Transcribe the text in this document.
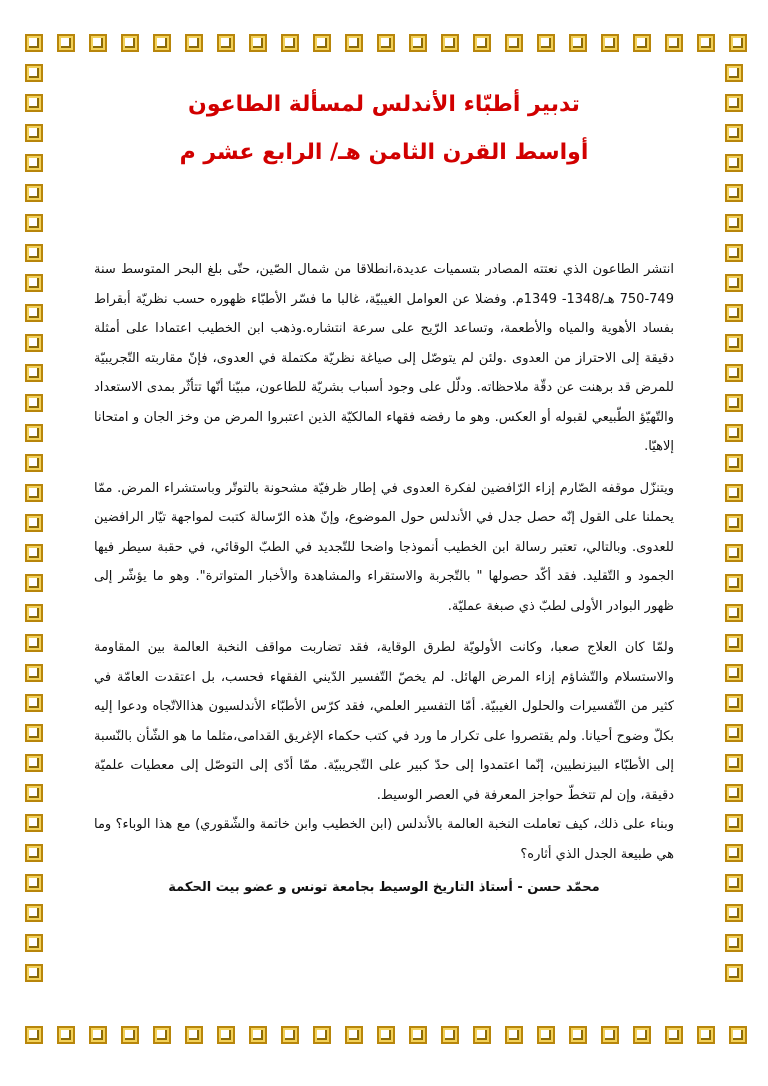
تدبير أطبّاء الأندلس لمسألة الطاعون
أواسط القرن الثامن هـ/ الرابع عشر م

انتشر الطاعون الذي نعتته المصادر بتسميات عديدة،انطلاقا من شمال الصّين، حتّى بلغ البحر المتوسط سنة 749-750 هـ/1348- 1349م. وفضلا عن العوامل الغيبيّة، غالبا ما فسّر الأطبّاء ظهوره حسب نظريّة أبقراط بفساد الأهوية والمياه والأطعمة، وتساعد الرّيح على سرعة انتشاره.وذهب ابن الخطيب اعتمادا على أمثلة دقيقة إلى الاحتراز من العدوى .ولئن لم يتوصّل إلى صياغة نظريّة مكتملة في العدوى، فإنّ مقاربته التّجريبيّة للمرض قد برهنت عن دقّة ملاحظاته. ودلّل على وجود أسباب بشريّة للطاعون، مبيّنا أنّها تتأثّر بمدى الاستعداد والتّهيّؤ الطّبيعي لقبوله أو العكس. وهو ما رفضه فقهاء المالكيّة الذين اعتبروا المرض من وخز الجان و امتحانا إلاهيّا.

ويتنزّل موقفه الصّارم إزاء الرّافضين لفكرة العدوى في إطار ظرفيّة مشحونة بالتوتّر وباستشراء المرض. ممّا يحملنا على القول إنّه حصل جدل في الأندلس حول الموضوع، وإنّ هذه الرّسالة كتبت لمواجهة تيّار الرافضين للعدوى. وبالتالي، تعتبر رسالة ابن الخطيب أنموذجا واضحا للتّجديد في الطبّ الوقائي، في حقبة سيطر فيها الجمود و التّقليد. فقد أكّد حصولها " بالتّجربة والاستقراء والمشاهدة والأخبار المتواترة". وهو ما يؤشّر إلى ظهور البوادر الأولى لطبّ ذي صبغة عمليّة.

ولمّا كان العلاج صعبا، وكانت الأولويّة لطرق الوقاية، فقد تضاربت مواقف النخبة العالمة بين المقاومة والاستسلام والتّشاؤم إزاء المرض الهائل. لم يخصّ التّفسير الدّيني الفقهاء فحسب، بل اعتقدت العامّة في كثير من التّفسيرات والحلول الغيبيّة. أمّا التفسير العلمي، فقد كرّس الأطبّاء الأندلسيون هذاالاتّجاه ودعوا إليه بكلّ وضوح أحيانا. ولم يقتصروا على تكرار ما ورد في كتب حكماء الإغريق القدامى،مثلما ما هو الشّأن بالنّسبة إلى الأطبّاء البيزنطيين، إنّما اعتمدوا إلى حدّ كبير على التّجريبيّة. ممّا أدّى إلى التوصّل إلى معطيات علميّة دقيقة، وإن لم تتخطّ حواجز المعرفة في العصر الوسيط.

وبناء على ذلك، كيف تعاملت النخبة العالمة بالأندلس (ابن الخطيب وابن خاتمة والشّقوري) مع هذا الوباء؟ وما هي طبيعة الجدل الذي أثاره؟

محمّد حسن - أستاذ التاريخ الوسيط بجامعة تونس و عضو بيت الحكمة
